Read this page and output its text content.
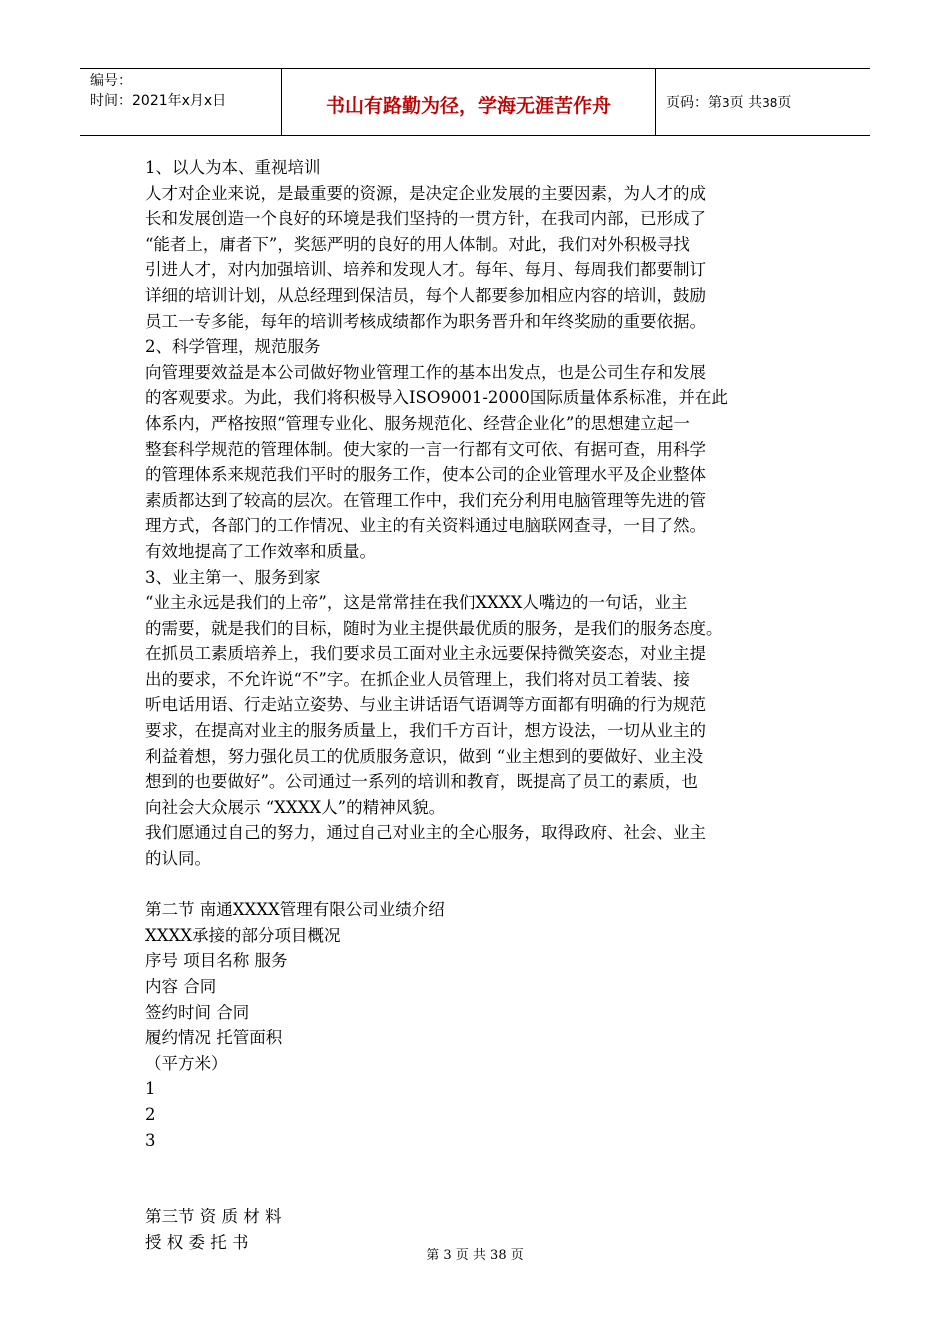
编号：
时间：2021年x月x日	书山有路勤为径，学海无涯苦作舟	页码：第3页 共38页

1、以人为本、重视培训

人才对企业来说，是最重要的资源，是决定企业发展的主要因素，为人才的成

长和发展创造一个良好的环境是我们坚持的一贯方针，在我司内部，已形成了

“能者上，庸者下”，奖惩严明的良好的用人体制。对此，我们对外积极寻找

引进人才，对内加强培训、培养和发现人才。每年、每月、每周我们都要制订

详细的培训计划，从总经理到保洁员，每个人都要参加相应内容的培训，鼓励

员工一专多能，每年的培训考核成绩都作为职务晋升和年终奖励的重要依据。

2、科学管理，规范服务

向管理要效益是本公司做好物业管理工作的基本出发点，也是公司生存和发展

的客观要求。为此，我们将积极导入ISO9001-2000国际质量体系标准，并在此

体系内，严格按照“管理专业化、服务规范化、经营企业化”的思想建立起一

整套科学规范的管理体制。使大家的一言一行都有文可依、有据可查，用科学

的管理体系来规范我们平时的服务工作，使本公司的企业管理水平及企业整体

素质都达到了较高的层次。在管理工作中，我们充分利用电脑管理等先进的管

理方式，各部门的工作情况、业主的有关资料通过电脑联网查寻，一目了然。

有效地提高了工作效率和质量。

3、业主第一、服务到家

“业主永远是我们的上帝”，这是常常挂在我们XXXX人嘴边的一句话，业主

的需要，就是我们的目标，随时为业主提供最优质的服务，是我们的服务态度。

在抓员工素质培养上，我们要求员工面对业主永远要保持微笑姿态，对业主提

出的要求，不允许说“不”字。在抓企业人员管理上，我们将对员工着装、接

听电话用语、行走站立姿势、与业主讲话语气语调等方面都有明确的行为规范

要求，在提高对业主的服务质量上，我们千方百计，想方设法，一切从业主的

利益着想，努力强化员工的优质服务意识，做到 “业主想到的要做好、业主没

想到的也要做好”。公司通过一系列的培训和教育，既提高了员工的素质，也

向社会大众展示 “XXXX人”的精神风貌。

我们愿通过自己的努力，通过自己对业主的全心服务，取得政府、社会、业主

的认同。

第二节 南通XXXX管理有限公司业绩介绍

XXXX承接的部分项目概况

序号 项目名称 服务

内容 合同

签约时间 合同

履约情况 托管面积

（平方米）

1

2

3

第三节 资 质 材 料

授 权 委 托 书

第 3 页 共 38 页
